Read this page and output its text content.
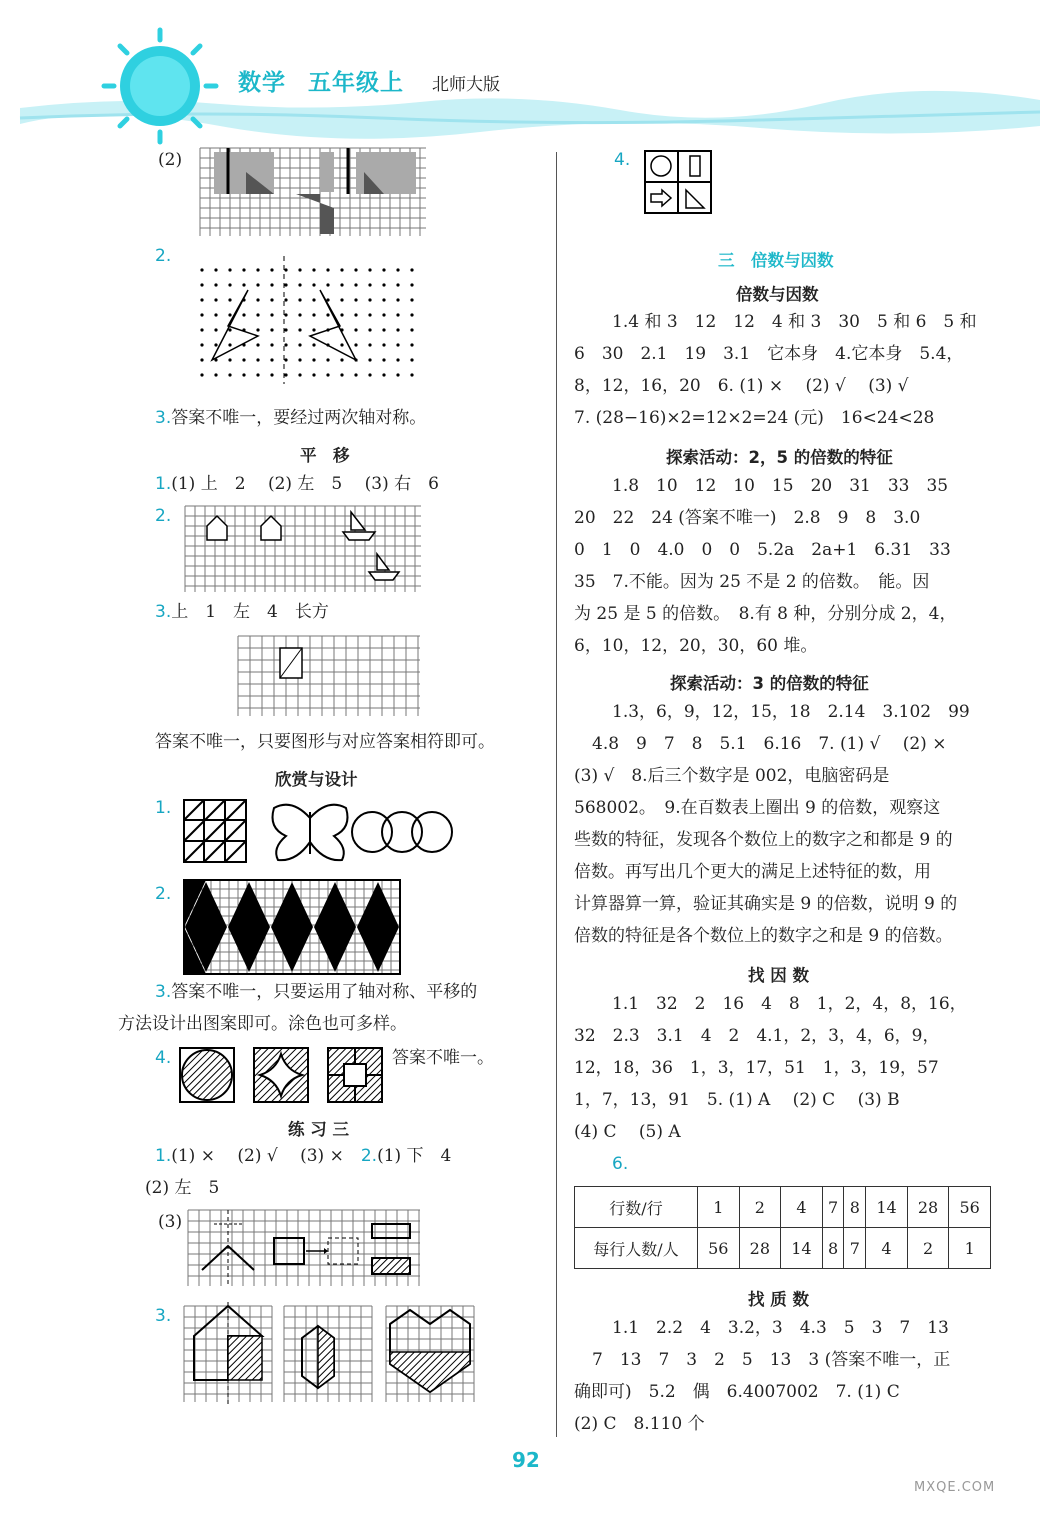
数学 五年级上	北师大版
(2)
2.
3.答案不唯一，要经过两次轴对称。
平　移
1.(1) 上　2　 (2) 左　5　 (3) 右　6
2.
3.上　1　左　4　长方
答案不唯一，只要图形与对应答案相符即可。
欣赏与设计
1.
2.
3.答案不唯一，只要运用了轴对称、平移的
方法设计出图案即可。涂色也可多样。
4.	答案不唯一。
练 习 三
1.(1) ×　 (2) √　 (3) ×　 2.(1) 下　4
(2) 左　5
(3)
3.
4.
三　倍数与因数
倍数与因数
1.4 和 3　12　12　4 和 3　30　5 和 6　5 和
6　30　2.1　19　3.1　它本身　4.它本身　5.4，
8，12，16，20　6. (1) ×　 (2) √　 (3) √
7. (28−16)×2=12×2=24 (元)　16<24<28
探索活动：2，5 的倍数的特征
1.8　10　12　10　15　20　31　33　35
20　22　24 (答案不唯一)　2.8　9　8　3.0
0　1　0　4.0　0　0　5.2a　2a+1　6.31　33
35　7.不能。因为 25 不是 2 的倍数。　能。因
为 25 是 5 的倍数。　8.有 8 种，分别分成 2，4，
6，10，12，20，30，60 堆。
探索活动：3 的倍数的特征
1.3，6，9，12，15，18　2.14　3.102　99
4.8　9　7　8　5.1　6.16　7. (1) √　 (2) ×
(3) √　8.后三个数字是 002，电脑密码是
568002。　9.在百数表上圈出 9 的倍数，观察这
些数的特征，发现各个数位上的数字之和都是 9 的
倍数。再写出几个更大的满足上述特征的数，用
计算器算一算，验证其确实是 9 的倍数，说明 9 的
倍数的特征是各个数位上的数字之和是 9 的倍数。
找 因 数
1.1　32　2　16　4　8　1，2，4，8，16，
32　2.3　3.1　4　2　4.1，2，3，4，6，9，
12，18，36　1，3，17，51　1，3，19，57
1，7，13，91　5. (1) A　 (2) C　 (3) B
(4) C　 (5) A
6.
行数/行	1	2	4	7	8	14	28	56
每行人数/人	56	28	14	8	7	4	2	1
找 质 数
1.1　2.2　4　3.2，3　4.3　5　3　7　13
7　13　7　3　2　5　13　3 (答案不唯一，正
确即可)　5.2　偶　6.4007002　7. (1) C
(2) C　8.110 个
92
MXQE.COM
